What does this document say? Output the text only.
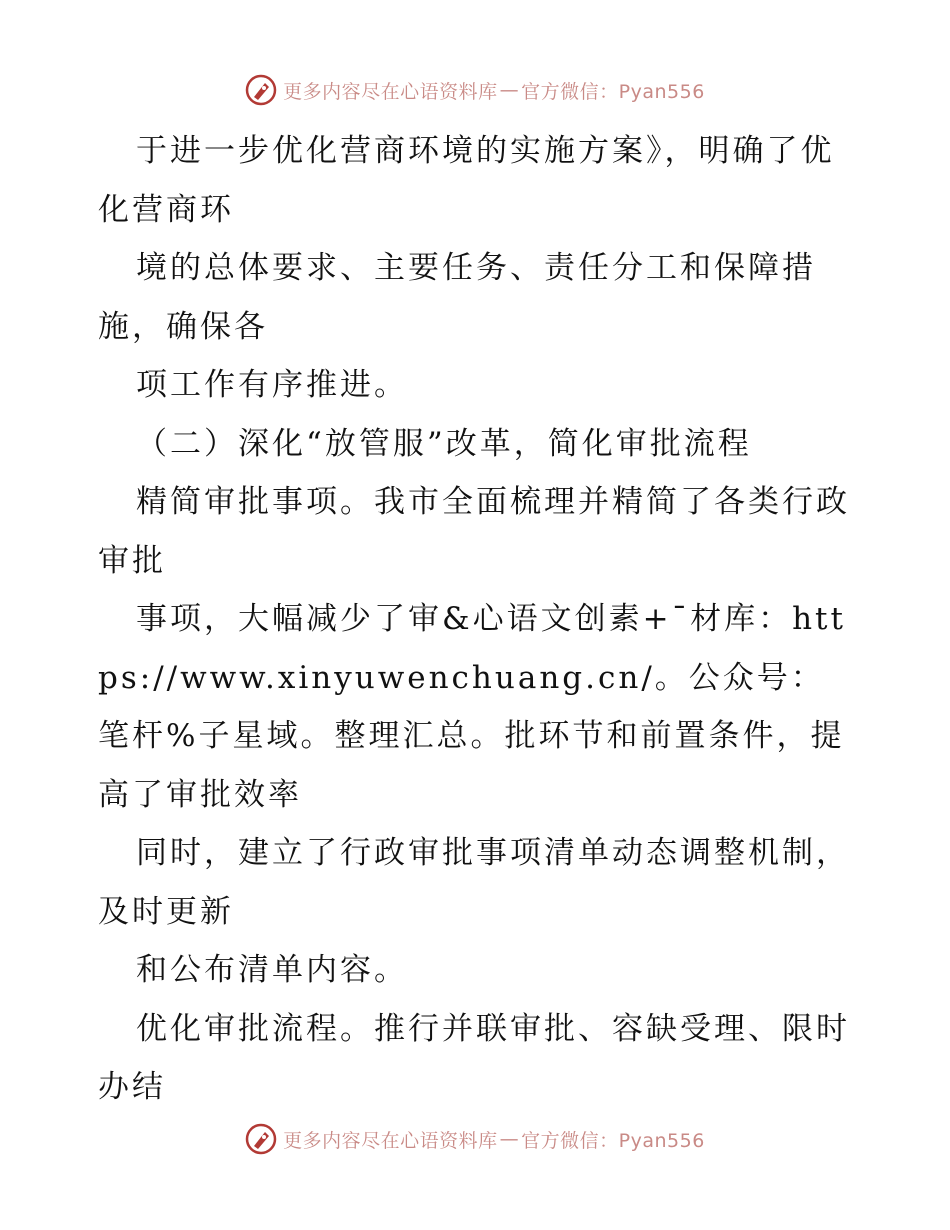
更多内容尽在心语资料库 — 官方微信：Pyan556

于进一步优化营商环境的实施方案》，明确了优化营商环

境的总体要求、主要任务、责任分工和保障措施，确保各

项工作有序推进。

（二）深化“放管服”改革，简化审批流程

精简审批事项。我市全面梳理并精简了各类行政审批

事项，大幅减少了审&心语文创素+¯材库：https://www.xinyuwenchuang.cn/。公众号：笔杆%子星域。整理汇总。批环节和前置条件，提高了审批效率

同时，建立了行政审批事项清单动态调整机制，及时更新

和公布清单内容。

优化审批流程。推行并联审批、容缺受理、限时办结

更多内容尽在心语资料库 — 官方微信：Pyan556
